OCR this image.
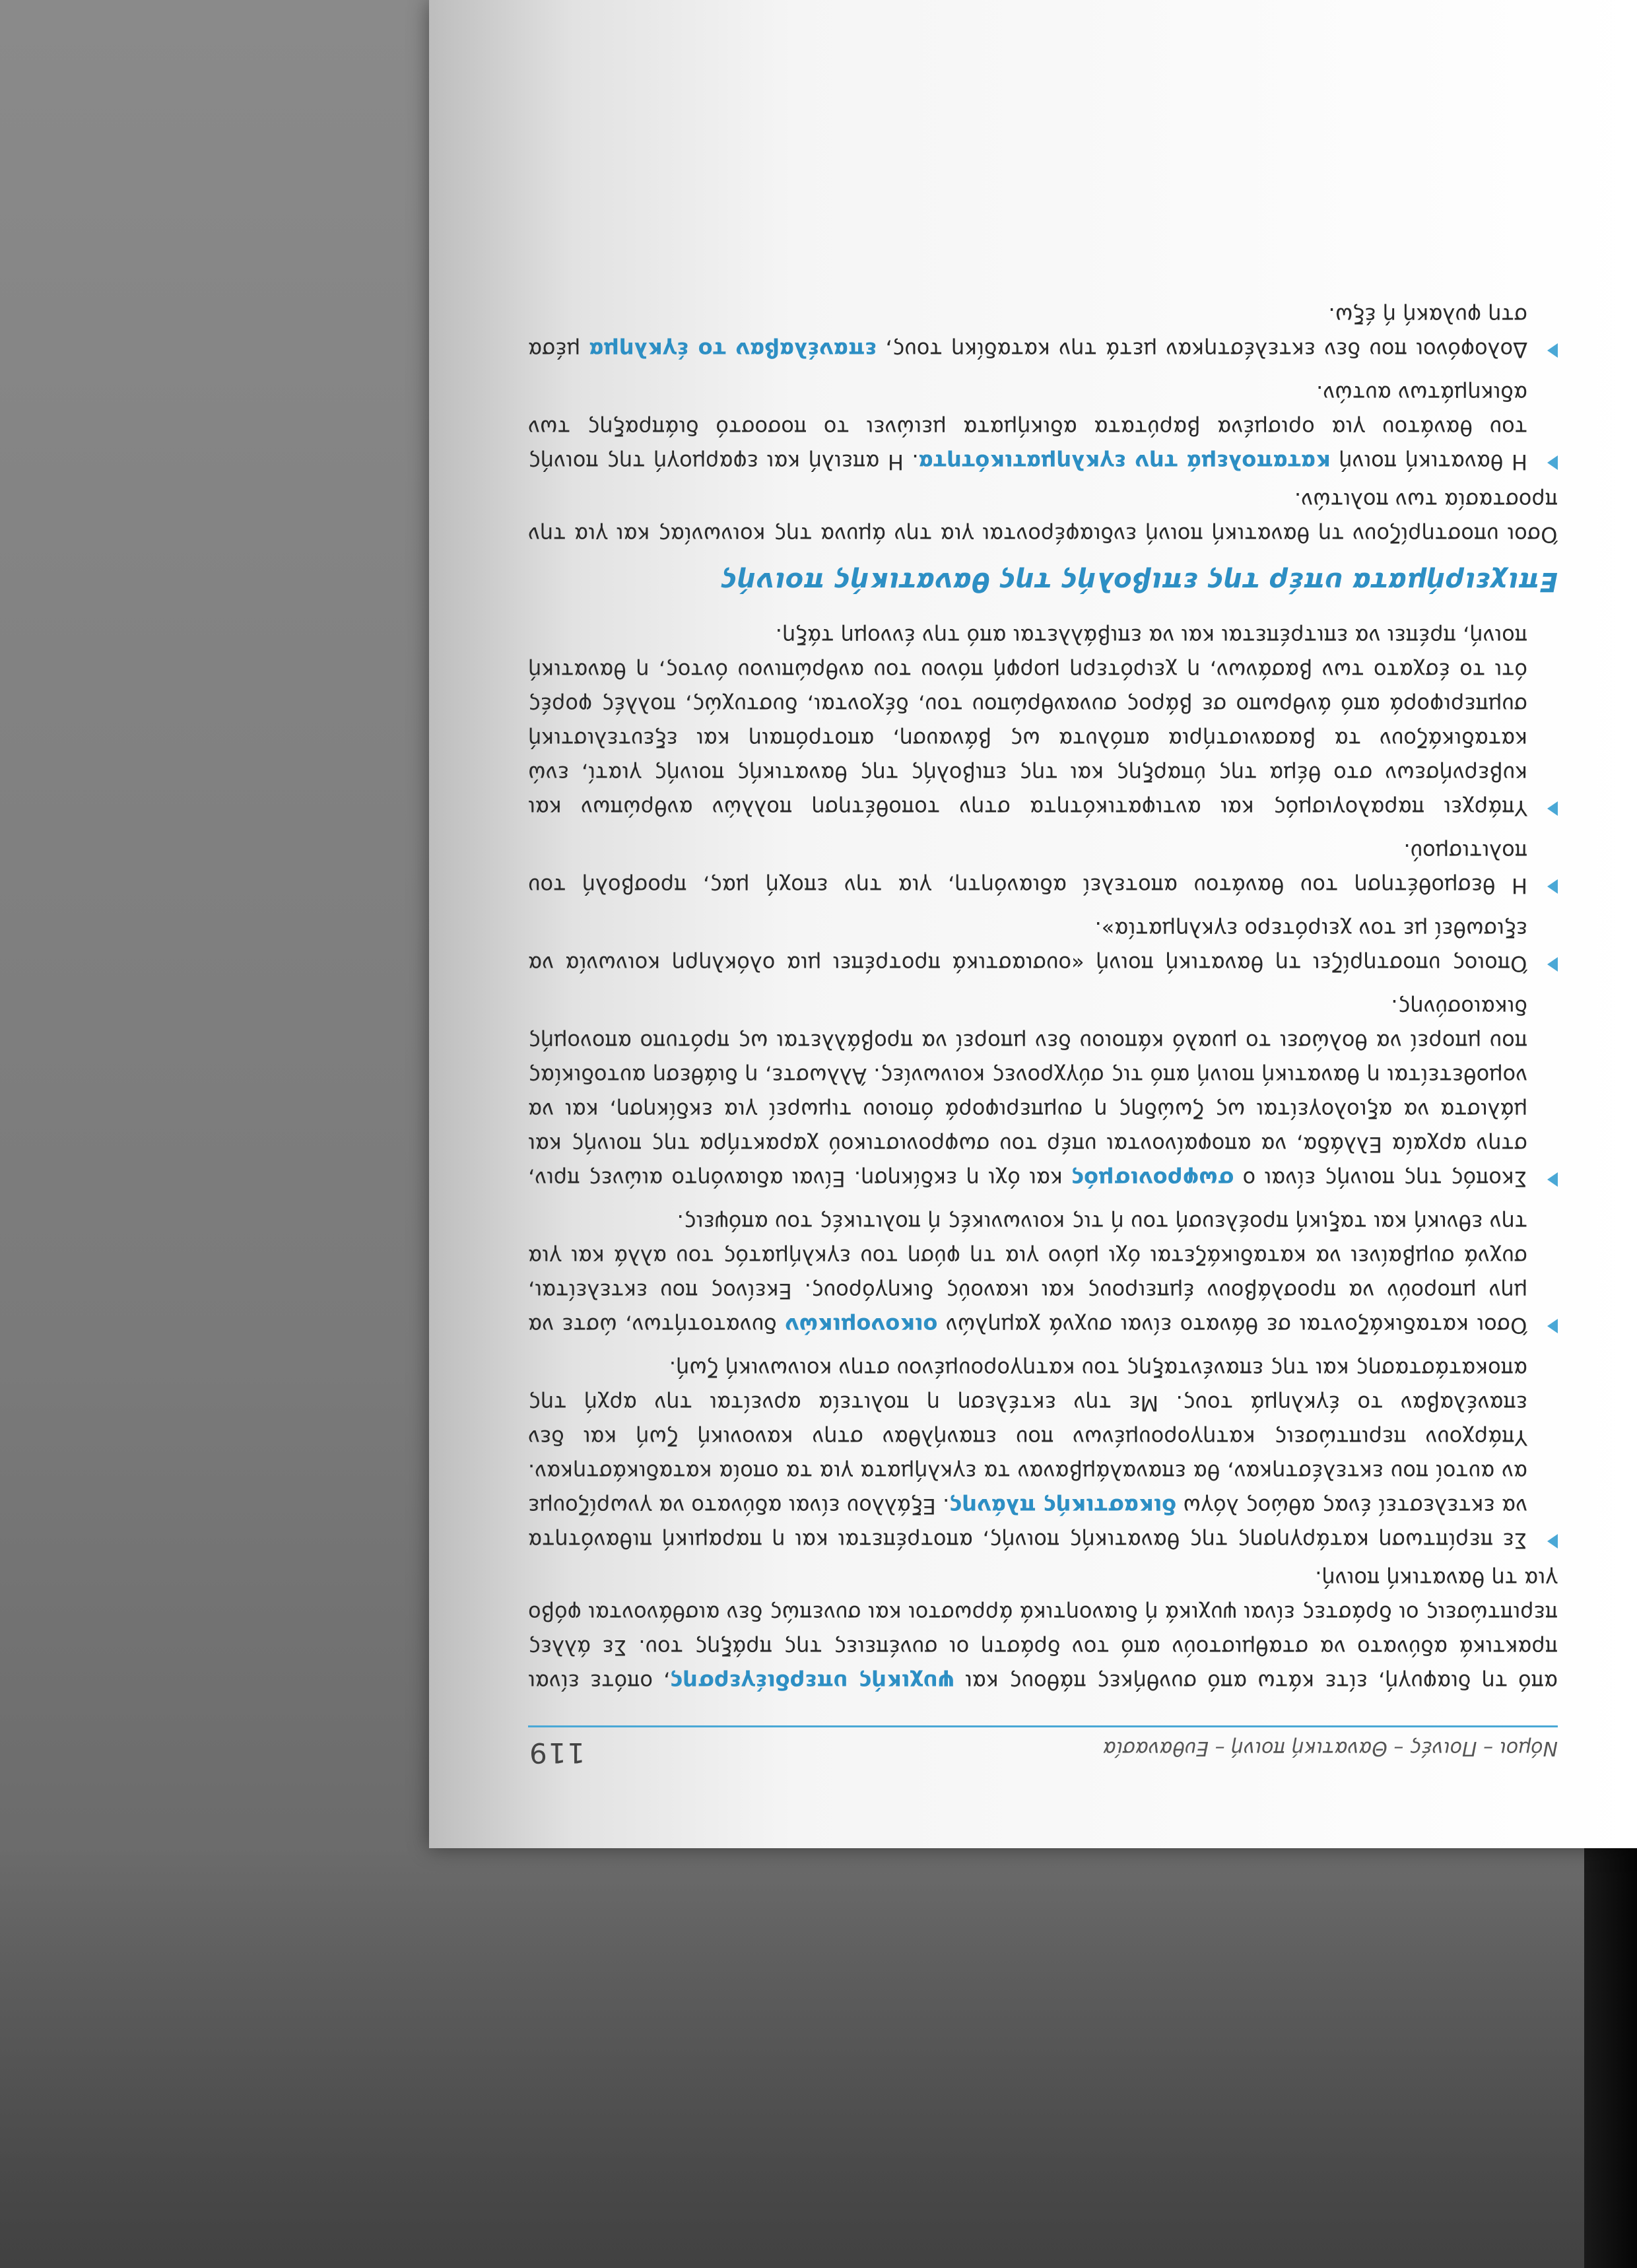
Νόμοι – Ποινές – Θανατική ποινή – Ευθανασία
119

από τη διαφυγή, είτε κάτω από συνθήκες πάθους και ψυχικής υπερδιέγερσης, οπότε είναι πρακτικά αδύνατο να σταθμιστούν από τον δράστη οι συνέπειες της πράξης του. Σε άλλες περιπτώσεις οι δράστες είναι ψυχικά ή διανοητικά άρρωστοι και συνεπώς δεν αισθάνονται φόβο για τη θανατική ποινή.

Σε περίπτωση κατάργησης της θανατικής ποινής, αποτρέπεται και η παραμική πιθανότητα να εκτελεστεί ένας αθώος λόγω δικαστικής πλάνης. Εξάλλου είναι αδύνατο να γνωρίζουμε αν αυτοί που εκτελέστηκαν, θα επαναλάμβαναν τα εγκλήματα για τα οποία καταδικάστηκαν. Υπάρχουν περιπτώσεις κατηγορουμένων που επανήλθαν στην κανονική ζωή και δεν επανέλαβαν το έγκλημά τους. Με την εκτέλεση η πολιτεία αρνείται την αρχή της αποκατάστασης και της επανένταξης του κατηγορουμένου στην κοινωνική ζωή.
Όσοι καταδικάζονται σε θάνατο είναι συχνά χαμηλών οικονομικών δυνατοτήτων, ώστε να μην μπορούν να προσλάβουν έμπειρους και ικανούς δικηγόρους. Εκείνος που εκτελείται, συχνά συμβαίνει να καταδικάζεται όχι μόνο για τη φύση του εγκλήματός του αλλά και για την εθνική και ταξική προέλευσή του ή τις κοινωνικές ή πολιτικές του απόψεις.
Σκοπός της ποινής είναι ο σωφρονισμός και όχι η εκδίκηση. Είναι αδιανόητο αιώνες πριν, στην αρχαία Ελλάδα, να αποφαίνονται υπέρ του σωφρονιστικού χαρακτήρα της ποινής και μάλιστα να αξιολογείται ως ζωώδης η συμπεριφορά όποιου τιμωρεί για εκδίκηση, και να νομοθετείται η θανατική ποινή από τις σύγχρονες κοινωνίες. Άλλωστε, η διάθεση αυτοδικίας που μπορεί να θολώσει το μυαλό κάποιου δεν μπορεί να προβάλλεται ως πρότυπο απονομής δικαιοσύνης.
Όποιος υποστηρίζει τη θανατική ποινή «ουσιαστικά προτρέπει μια ολόκληρη κοινωνία να εξισωθεί με τον χειρότερο εγκληματία».
Η θεσμοθέτηση του θανάτου αποτελεί αδιανόητη, για την εποχή μας, προσβολή του πολιτισμού.
Υπάρχει παραλογισμός και αντιφατικότητα στην τοποθέτηση πολλών ανθρώπων και κυβερνήσεων στο θέμα της ύπαρξης και της επιβολής της θανατικής ποινής γιατί, ενώ καταδικάζουν τα βασανιστήρια απόλυτα ως βάναυση, αποτρόπαιη και εξευτελιστική συμπεριφορά από άνθρωπο σε βάρος συνανθρώπου του, δέχονται, δυστυχώς, πολλές φορές ότι το έσχατο των βασάνων, η χειρότερη μορφή πόνου του ανθρώπινου όντος, η θανατική ποινή, πρέπει να επιτρέπεται και να επιβάλλεται από την έννομη τάξη.
Επιχειρήματα υπέρ της επιβολής της θανατικής ποινής

Όσοι υποστηρίζουν τη θανατική ποινή ενδιαφέρονται για την άμυνα της κοινωνίας και για την προστασία των πολιτών.

Η θανατική ποινή καταπολεμά την εγκληματικότητα. Η απειλή και εφαρμογή της ποινής του θανάτου για ορισμένα βαρύτατα αδικήματα μειώνει το ποσοστό διάπραξης των αδικημάτων αυτών.
Δολοφόνοι που δεν εκτελέστηκαν μετά την καταδίκη τους, επανέλαβαν το έγκλημα μέσα στη φυλακή ή έξω.
